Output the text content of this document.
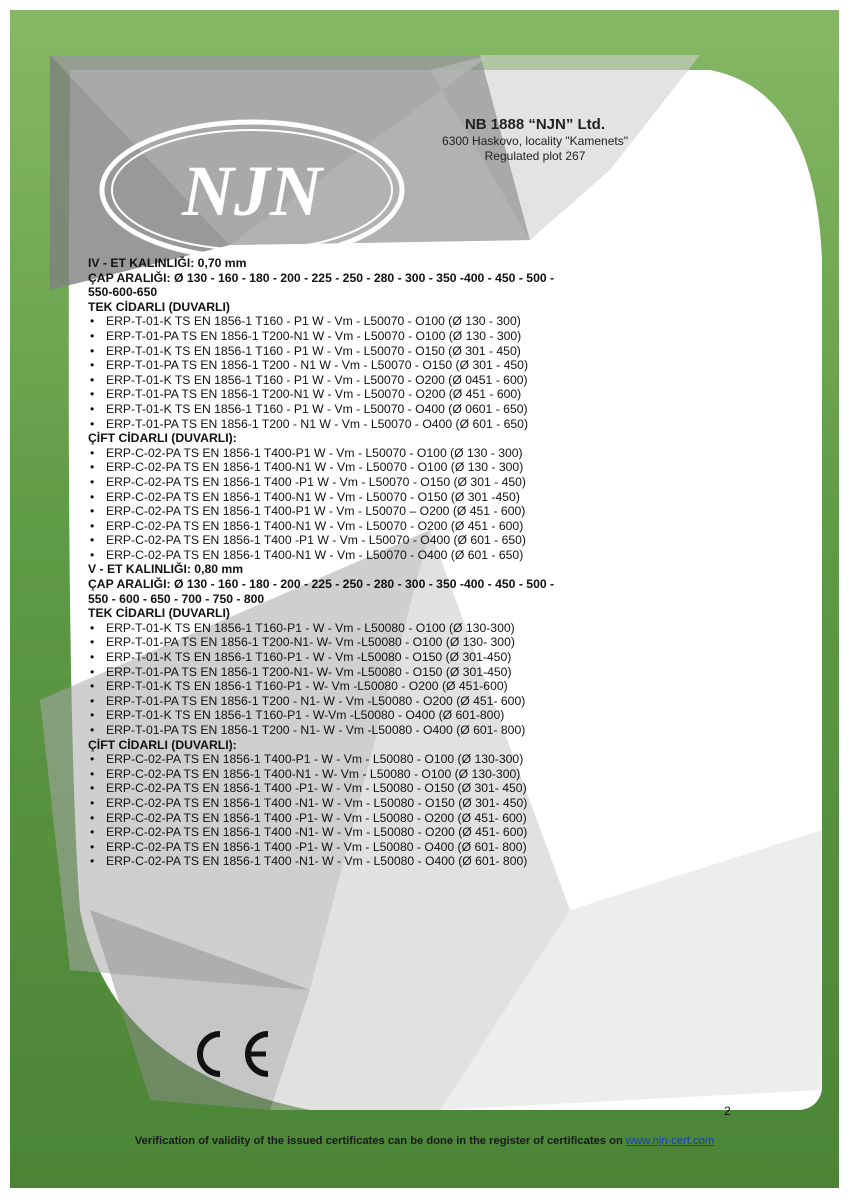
NJN
NB 1888 “NJN” Ltd.
6300 Haskovo, locality "Kamenets"
Regulated plot 267
IV - ET KALINLIĞI: 0,70 mm
ÇAP ARALIĞI: Ø 130 - 160 - 180 - 200 - 225 - 250 - 280 - 300 - 350 -400 - 450 - 500 -
550-600-650
TEK CİDARLI (DUVARLI)
• ERP-T-01-K TS EN 1856-1 T160 - P1 W - Vm - L50070 - O100 (Ø 130 - 300)
• ERP-T-01-PA TS EN 1856-1 T200-N1 W - Vm - L50070 - O100 (Ø 130 - 300)
• ERP-T-01-K TS EN 1856-1 T160 - P1 W - Vm - L50070 - O150 (Ø 301 - 450)
• ERP-T-01-PA TS EN 1856-1 T200 - N1 W - Vm - L50070 - O150 (Ø 301 - 450)
• ERP-T-01-K TS EN 1856-1 T160 - P1 W - Vm - L50070 - O200 (Ø 0451 - 600)
• ERP-T-01-PA TS EN 1856-1 T200-N1 W - Vm - L50070 - O200 (Ø 451 - 600)
• ERP-T-01-K TS EN 1856-1 T160 - P1 W - Vm - L50070 - O400 (Ø 0601 - 650)
• ERP-T-01-PA TS EN 1856-1 T200 - N1 W - Vm - L50070 - O400 (Ø 601 - 650)
ÇİFT CİDARLI (DUVARLI):
• ERP-C-02-PA TS EN 1856-1 T400-P1 W - Vm - L50070 - O100 (Ø 130 - 300)
• ERP-C-02-PA TS EN 1856-1 T400-N1 W - Vm - L50070 - O100 (Ø 130 - 300)
• ERP-C-02-PA TS EN 1856-1 T400 -P1 W - Vm - L50070 - O150 (Ø 301 - 450)
• ERP-C-02-PA TS EN 1856-1 T400-N1 W - Vm - L50070 - O150 (Ø 301 -450)
• ERP-C-02-PA TS EN 1856-1 T400-P1 W - Vm - L50070 – O200 (Ø 451 - 600)
• ERP-C-02-PA TS EN 1856-1 T400-N1 W - Vm - L50070 - O200 (Ø 451 - 600)
• ERP-C-02-PA TS EN 1856-1 T400 -P1 W - Vm - L50070 - O400 (Ø 601 - 650)
• ERP-C-02-PA TS EN 1856-1 T400-N1 W - Vm - L50070 - O400 (Ø 601 - 650)
V - ET KALINLIĞI: 0,80 mm
ÇAP ARALIĞI: Ø 130 - 160 - 180 - 200 - 225 - 250 - 280 - 300 - 350 -400 - 450 - 500 -
550 - 600 - 650 - 700 - 750 - 800
TEK CİDARLI (DUVARLI)
• ERP-T-01-K TS EN 1856-1 T160-P1 - W - Vm - L50080 - O100 (Ø 130-300)
• ERP-T-01-PA TS EN 1856-1 T200-N1- W- Vm -L50080 - O100 (Ø 130- 300)
• ERP-T-01-K TS EN 1856-1 T160-P1 - W - Vm -L50080 - O150 (Ø 301-450)
• ERP-T-01-PA TS EN 1856-1 T200-N1- W- Vm -L50080 - O150 (Ø 301-450)
• ERP-T-01-K TS EN 1856-1 T160-P1 - W- Vm -L50080 - O200 (Ø 451-600)
• ERP-T-01-PA TS EN 1856-1 T200 - N1- W - Vm -L50080 - O200 (Ø 451- 600)
• ERP-T-01-K TS EN 1856-1 T160-P1 - W-Vm -L50080 - O400 (Ø 601-800)
• ERP-T-01-PA TS EN 1856-1 T200 - N1- W - Vm -L50080 - O400 (Ø 601- 800)
ÇİFT CİDARLI (DUVARLI):
• ERP-C-02-PA TS EN 1856-1 T400-P1 - W - Vm - L50080 - O100 (Ø 130-300)
• ERP-C-02-PA TS EN 1856-1 T400-N1 - W- Vm - L50080 - O100 (Ø 130-300)
• ERP-C-02-PA TS EN 1856-1 T400 -P1- W - Vm - L50080 - O150 (Ø 301- 450)
• ERP-C-02-PA TS EN 1856-1 T400 -N1- W - Vm - L50080 - O150 (Ø 301- 450)
• ERP-C-02-PA TS EN 1856-1 T400 -P1- W - Vm - L50080 - O200 (Ø 451- 600)
• ERP-C-02-PA TS EN 1856-1 T400 -N1- W - Vm - L50080 - O200 (Ø 451- 600)
• ERP-C-02-PA TS EN 1856-1 T400 -P1- W - Vm - L50080 - O400 (Ø 601- 800)
• ERP-C-02-PA TS EN 1856-1 T400 -N1- W - Vm - L50080 - O400 (Ø 601- 800)
2
Verification of validity of the issued certificates can be done in the register of certificates on www.njn-cert.com
